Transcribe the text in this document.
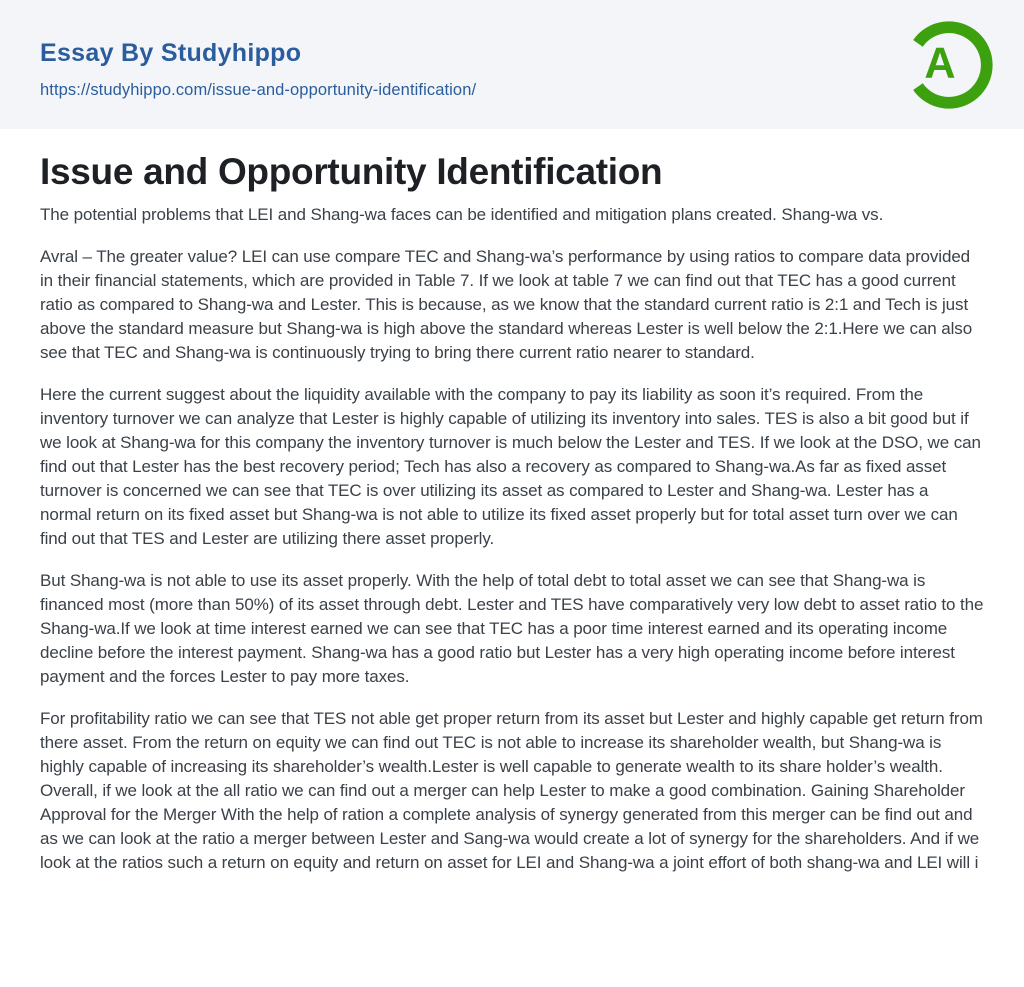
Essay By Studyhippo
https://studyhippo.com/issue-and-opportunity-identification/
A
Issue and Opportunity Identification

The potential problems that LEI and Shang-wa faces can be identified and mitigation plans created. Shang-wa vs.

Avral – The greater value? LEI can use compare TEC and Shang-wa’s performance by using ratios to compare data provided in their financial statements, which are provided in Table 7. If we look at table 7 we can find out that TEC has a good current ratio as compared to Shang-wa and Lester. This is because, as we know that the standard current ratio is 2:1 and Tech is just above the standard measure but Shang-wa is high above the standard whereas Lester is well below the 2:1.Here we can also see that TEC and Shang-wa is continuously trying to bring there current ratio nearer to standard.

Here the current suggest about the liquidity available with the company to pay its liability as soon it’s required. From the inventory turnover we can analyze that Lester is highly capable of utilizing its inventory into sales. TES is also a bit good but if we look at Shang-wa for this company the inventory turnover is much below the Lester and TES. If we look at the DSO, we can find out that Lester has the best recovery period; Tech has also a recovery as compared to Shang-wa.As far as fixed asset turnover is concerned we can see that TEC is over utilizing its asset as compared to Lester and Shang-wa. Lester has a normal return on its fixed asset but Shang-wa is not able to utilize its fixed asset properly but for total asset turn over we can find out that TES and Lester are utilizing there asset properly.

But Shang-wa is not able to use its asset properly. With the help of total debt to total asset we can see that Shang-wa is financed most (more than 50%) of its asset through debt. Lester and TES have comparatively very low debt to asset ratio to the Shang-wa.If we look at time interest earned we can see that TEC has a poor time interest earned and its operating income decline before the interest payment. Shang-wa has a good ratio but Lester has a very high operating income before interest payment and the forces Lester to pay more taxes.

For profitability ratio we can see that TES not able get proper return from its asset but Lester and highly capable get return from there asset. From the return on equity we can find out TEC is not able to increase its shareholder wealth, but Shang-wa is highly capable of increasing its shareholder’s wealth.Lester is well capable to generate wealth to its share holder’s wealth. Overall, if we look at the all ratio we can find out a merger can help Lester to make a good combination. Gaining Shareholder Approval for the Merger With the help of ration a complete analysis of synergy generated from this merger can be find out and as we can look at the ratio a merger between Lester and Sang-wa would create a lot of synergy for the shareholders. And if we look at the ratios such a return on equity and return on asset for LEI and Shang-wa a joint effort of both shang-wa and LEI will i
